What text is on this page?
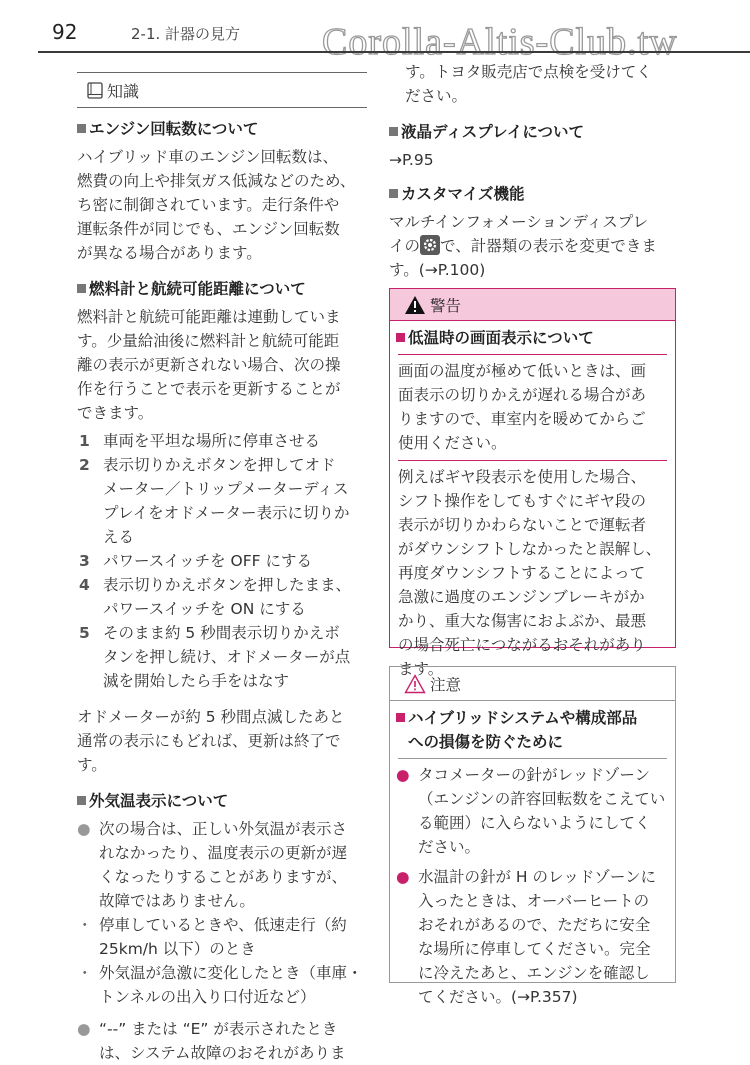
92	2-1. 計器の見方 Corolla-Altis-Club.tw
知識

エンジン回転数について

ハイブリッド車のエンジン回転数は、

燃費の向上や排気ガス低減などのため、

ち密に制御されています。走行条件や

運転条件が同じでも、エンジン回転数

が異なる場合があります。

燃料計と航続可能距離について

燃料計と航続可能距離は連動していま

す。少量給油後に燃料計と航続可能距

離の表示が更新されない場合、次の操

作を行うことで表示を更新することが

できます。

1 車両を平坦な場所に停車させる
2 表示切りかえボタンを押してオド
メーター／トリップメーターディス
プレイをオドメーター表示に切りか
える
3 パワースイッチを OFF にする
4 表示切りかえボタンを押したまま、
パワースイッチを ON にする
5 そのまま約 5 秒間表示切りかえボ
タンを押し続け、オドメーターが点
滅を開始したら手をはなす

オドメーターが約 5 秒間点滅したあと

通常の表示にもどれば、更新は終了で

す。

外気温表示について

● 次の場合は、正しい外気温が表示さ
れなかったり、温度表示の更新が遅
くなったりすることがありますが、
故障ではありません。
・ 停車しているときや、低速走行（約
25km/h 以下）のとき
・ 外気温が急激に変化したとき（車庫・
トンネルの出入り口付近など）
● “--” または “E” が表示されたとき
は、システム故障のおそれがありま

す。トヨタ販売店で点検を受けてく

ださい。

液晶ディスプレイについて

→P.95

カスタマイズ機能

マルチインフォメーションディスプレ

イの で、計器類の表示を変更できま

す。(→P.100)

警告

低温時の画面表示について

画面の温度が極めて低いときは、画

面表示の切りかえが遅れる場合があ

りますので、車室内を暖めてからご

使用ください。

例えばギヤ段表示を使用した場合、

シフト操作をしてもすぐにギヤ段の

表示が切りかわらないことで運転者

がダウンシフトしなかったと誤解し、

再度ダウンシフトすることによって

急激に過度のエンジンブレーキがか

かり、重大な傷害におよぶか、最悪

の場合死亡につながるおそれがあり

ます。

注意

ハイブリッドシステムや構成部品

への損傷を防ぐために

● タコメーターの針がレッドゾーン
（エンジンの許容回転数をこえてい
る範囲）に入らないようにしてく
ださい。
● 水温計の針が H のレッドゾーンに
入ったときは、オーバーヒートの
おそれがあるので、ただちに安全
な場所に停車してください。完全
に冷えたあと、エンジンを確認し
てください。(→P.357)
